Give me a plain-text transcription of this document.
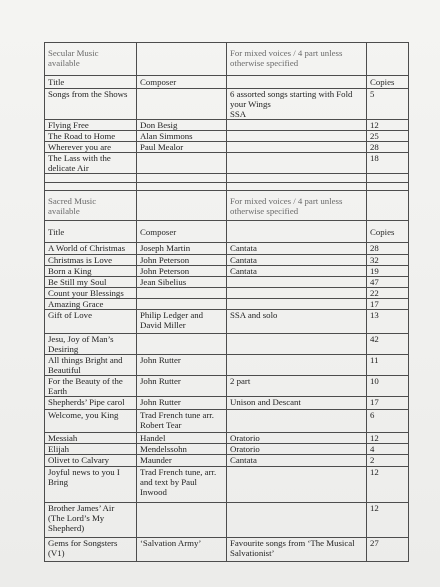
Secular Music
available		For mixed voices / 4 part unless
otherwise specified	
Title	Composer		Copies
Songs from the Shows		6 assorted songs starting with Fold
your Wings
SSA	5
Flying Free	Don Besig		12
The Road to Home	Alan Simmons		25
Wherever you are	Paul Mealor		28
The Lass with the
delicate Air			18

Sacred Music
available		For mixed voices / 4 part unless
otherwise specified	
Title	Composer		Copies
A World of Christmas	Joseph Martin	Cantata	28
Christmas is Love	John Peterson	Cantata	32
Born a King	John Peterson	Cantata	19
Be Still my Soul	Jean Sibelius		47
Count your Blessings			22
Amazing Grace			17
Gift of Love	Philip Ledger and
David Miller	SSA and solo	13
Jesu, Joy of Man’s
Desiring			42
All things Bright and
Beautiful	John Rutter		11
For the Beauty of the
Earth	John Rutter	2 part	10
Shepherds’ Pipe carol	John Rutter	Unison and Descant	17
Welcome, you King	Trad French tune arr.
Robert Tear		6
Messiah	Handel	Oratorio	12
Elijah	Mendelssohn	Oratorio	4
Olivet to Calvary	Maunder	Cantata	2
Joyful news to you I
Bring	Trad French tune, arr.
and text by Paul
Inwood		12
Brother James’ Air
(The Lord’s My
Shepherd)			12
Gems for Songsters
(V1)	‘Salvation Army’	Favourite songs from ‘The Musical
Salvationist’	27
